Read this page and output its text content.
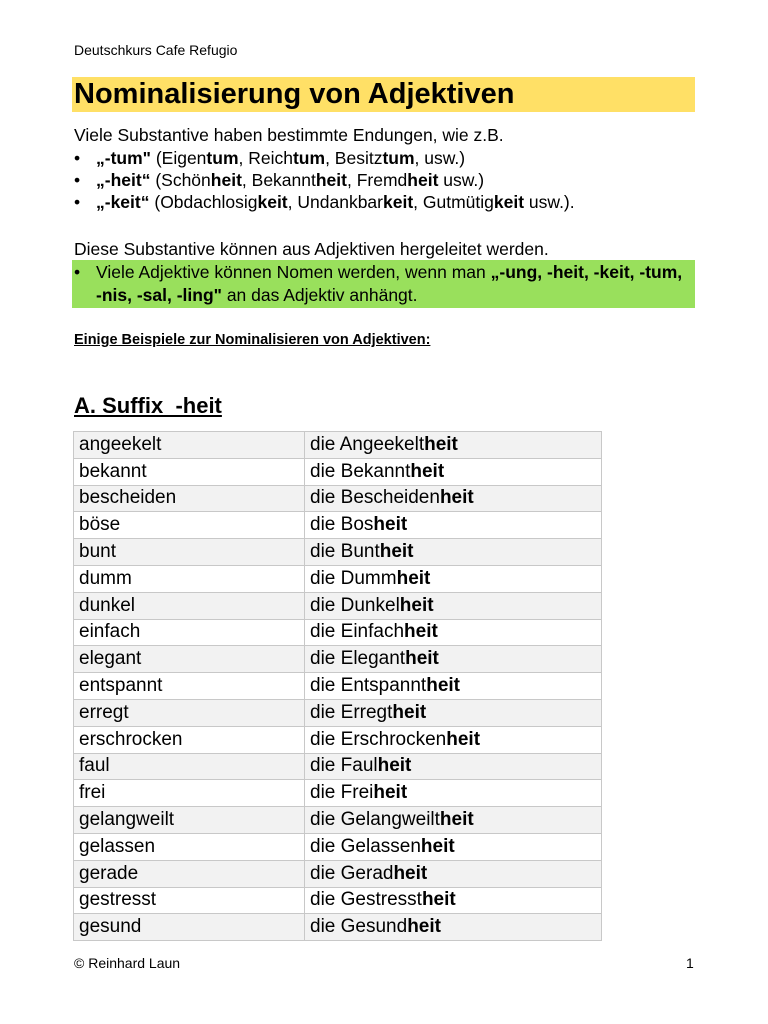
Deutschkurs Cafe Refugio
Nominalisierung von Adjektiven
Viele Substantive haben bestimmte Endungen, wie z.B.
• „-tum" (Eigentum, Reichtum, Besitztum, usw.)
• „-heit“ (Schönheit, Bekanntheit, Fremdheit usw.)
• „-keit“ (Obdachlosigkeit, Undankbarkeit, Gutmütigkeit usw.).
Diese Substantive können aus Adjektiven hergeleitet werden.
• Viele Adjektive können Nomen werden, wenn man „-ung, -heit, -keit, -tum, -nis, -sal, -ling" an das Adjektiv anhängt.
Einige Beispiele zur Nominalisieren von Adjektiven:
A. Suffix  -heit
angeekelt	die Angeekeltheit
bekannt	die Bekanntheit
bescheiden	die Bescheidenheit
böse	die Bosheit
bunt	die Buntheit
dumm	die Dummheit
dunkel	die Dunkelheit
einfach	die Einfachheit
elegant	die Elegantheit
entspannt	die Entspanntheit
erregt	die Erregtheit
erschrocken	die Erschrockenheit
faul	die Faulheit
frei	die Freiheit
gelangweilt	die Gelangweiltheit
gelassen	die Gelassenheit
gerade	die Geradheit
gestresst	die Gestresstheit
gesund	die Gesundheit
© Reinhard Laun	1
